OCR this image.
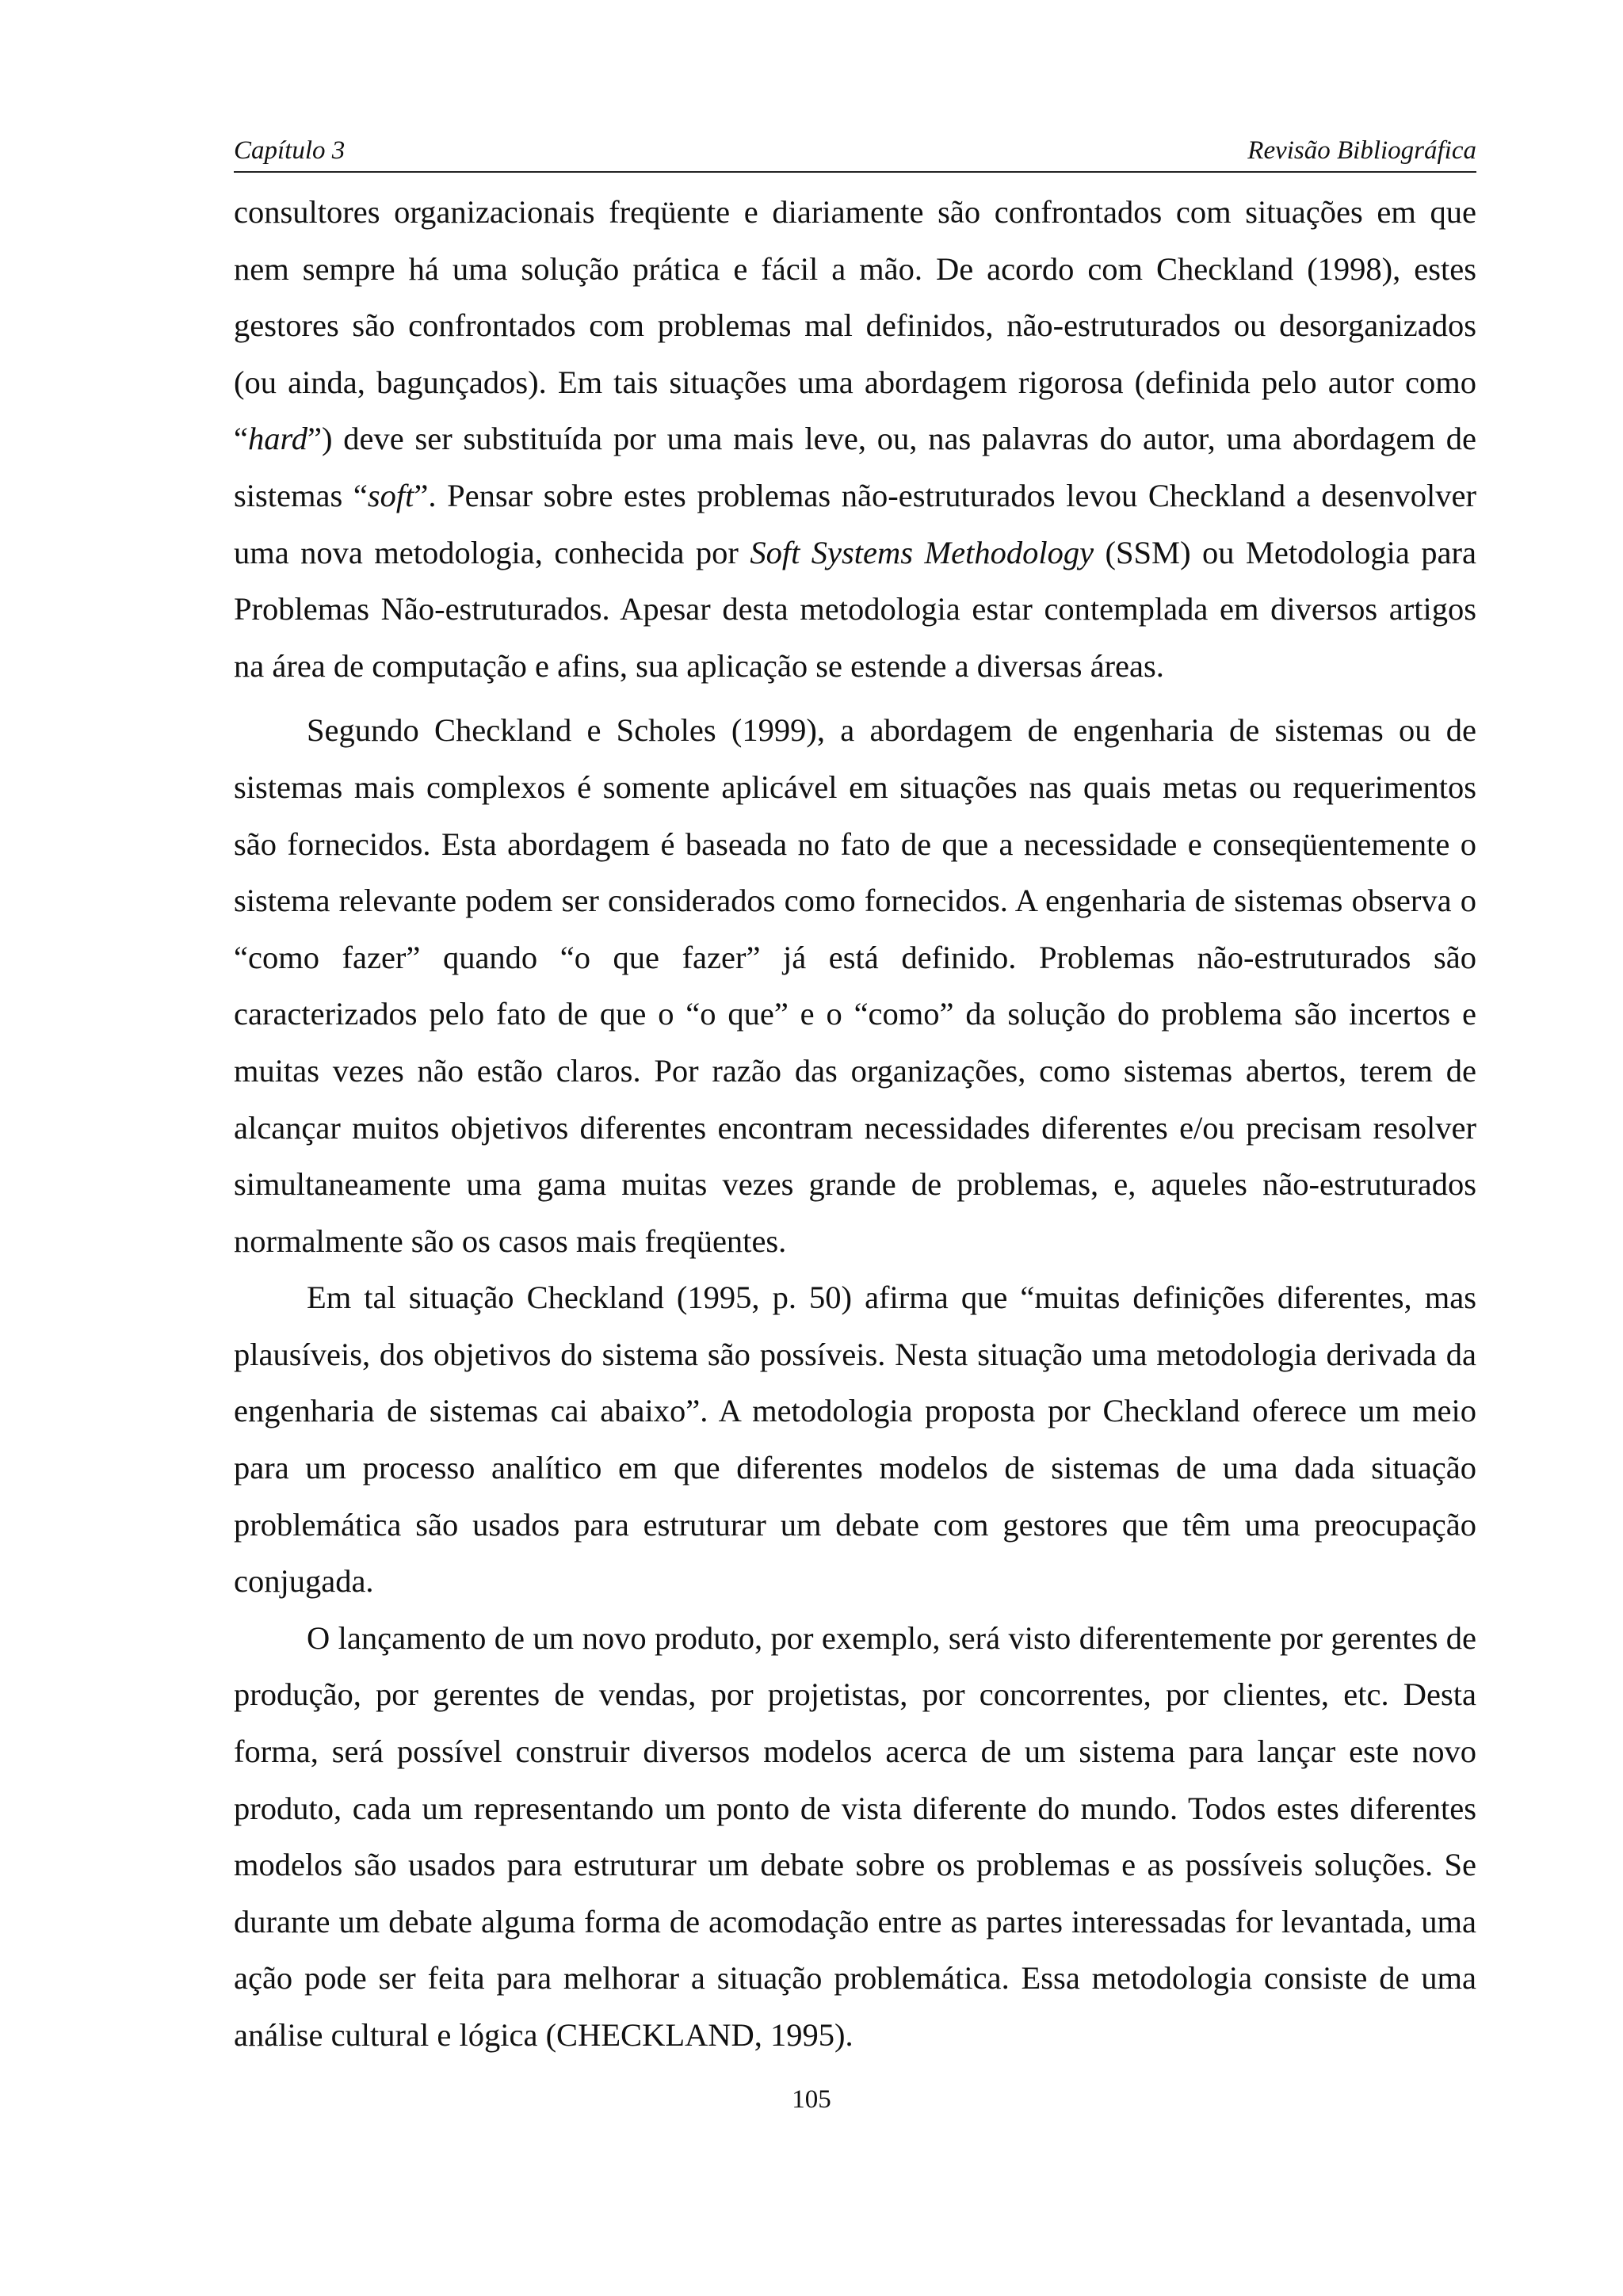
Capítulo 3	Revisão Bibliográfica

consultores organizacionais freqüente e diariamente são confrontados com situações em que nem sempre há uma solução prática e fácil a mão. De acordo com Checkland (1998), estes gestores são confrontados com problemas mal definidos, não-estruturados ou desorganizados (ou ainda, bagunçados). Em tais situações uma abordagem rigorosa (definida pelo autor como “hard”) deve ser substituída por uma mais leve, ou, nas palavras do autor, uma abordagem de sistemas “soft”. Pensar sobre estes problemas não-estruturados levou Checkland a desenvolver uma nova metodologia, conhecida por Soft Systems Methodology (SSM) ou Metodologia para Problemas Não-estruturados. Apesar desta metodologia estar contemplada em diversos artigos na área de computação e afins, sua aplicação se estende a diversas áreas.

Segundo Checkland e Scholes (1999), a abordagem de engenharia de sistemas ou de sistemas mais complexos é somente aplicável em situações nas quais metas ou requerimentos são fornecidos. Esta abordagem é baseada no fato de que a necessidade e conseqüentemente o sistema relevante podem ser considerados como fornecidos. A engenharia de sistemas observa o “como fazer” quando “o que fazer” já está definido. Problemas não-estruturados são caracterizados pelo fato de que o “o que” e o “como” da solução do problema são incertos e muitas vezes não estão claros. Por razão das organizações, como sistemas abertos, terem de alcançar muitos objetivos diferentes encontram necessidades diferentes e/ou precisam resolver simultaneamente uma gama muitas vezes grande de problemas, e, aqueles não-estruturados normalmente são os casos mais freqüentes.

Em tal situação Checkland (1995, p. 50) afirma que “muitas definições diferentes, mas plausíveis, dos objetivos do sistema são possíveis. Nesta situação uma metodologia derivada da engenharia de sistemas cai abaixo”. A metodologia proposta por Checkland oferece um meio para um processo analítico em que diferentes modelos de sistemas de uma dada situação problemática são usados para estruturar um debate com gestores que têm uma preocupação conjugada.

O lançamento de um novo produto, por exemplo, será visto diferentemente por gerentes de produção, por gerentes de vendas, por projetistas, por concorrentes, por clientes, etc. Desta forma, será possível construir diversos modelos acerca de um sistema para lançar este novo produto, cada um representando um ponto de vista diferente do mundo. Todos estes diferentes modelos são usados para estruturar um debate sobre os problemas e as possíveis soluções. Se durante um debate alguma forma de acomodação entre as partes interessadas for levantada, uma ação pode ser feita para melhorar a situação problemática. Essa metodologia consiste de uma análise cultural e lógica (CHECKLAND, 1995).

105
